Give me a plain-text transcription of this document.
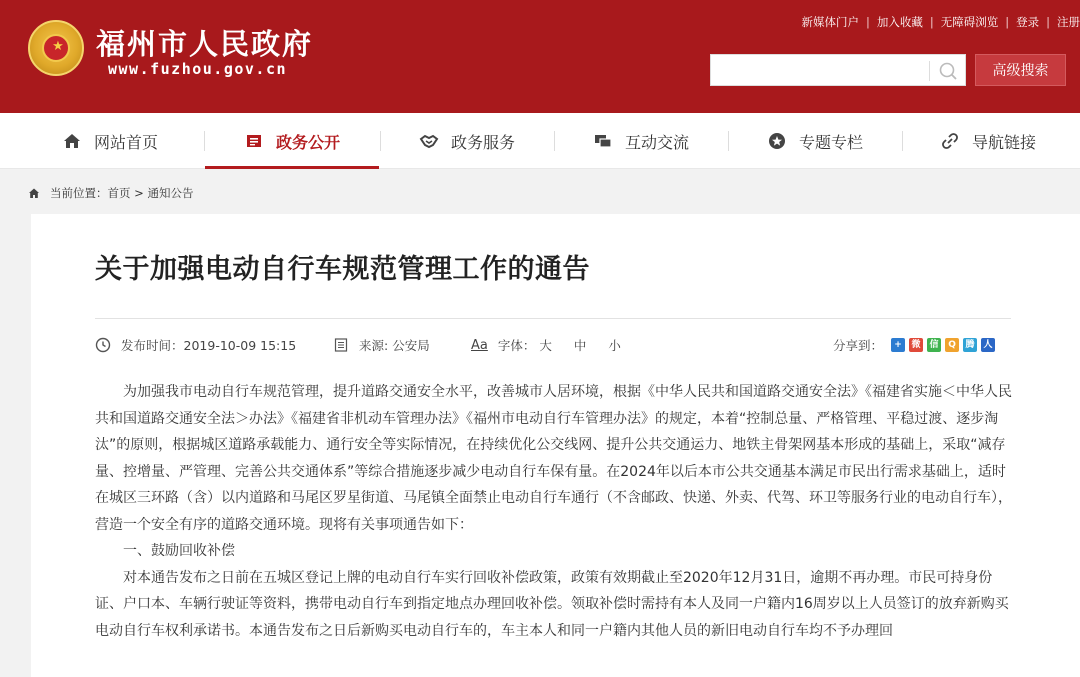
★ 福州市人民政府
www.fuzhou.gov.cn
新媒体门户 | 加入收藏 | 无障碍浏览 | 登录 | 注册
高级搜索
网站首页	政务公开	政务服务	互动交流	专题专栏	导航链接
当前位置： 首页 > 通知公告
关于加强电动自行车规范管理工作的通告
发布时间： 2019-10-09 15:15	来源: 公安局	Aa 字体： 大 中 小	分享到：	+	微 信	Q	腾 人

为加强我市电动自行车规范管理，提升道路交通安全水平，改善城市人居环境，根据《中华人民共和国道路交通安全法》《福建省实施＜中华人民共和国道路交通安全法＞办法》《福建省非机动车管理办法》《福州市电动自行车管理办法》的规定，本着“控制总量、严格管理、平稳过渡、逐步淘汰”的原则，根据城区道路承载能力、通行安全等实际情况，在持续优化公交线网、提升公共交通运力、地铁主骨架网基本形成的基础上，采取“减存量、控增量、严管理、完善公共交通体系”等综合措施逐步减少电动自行车保有量。在2024年以后本市公共交通基本满足市民出行需求基础上，适时在城区三环路（含）以内道路和马尾区罗星街道、马尾镇全面禁止电动自行车通行（不含邮政、快递、外卖、代驾、环卫等服务行业的电动自行车），营造一个安全有序的道路交通环境。现将有关事项通告如下：

一、鼓励回收补偿

对本通告发布之日前在五城区登记上牌的电动自行车实行回收补偿政策，政策有效期截止至2020年12月31日，逾期不再办理。市民可持身份证、户口本、车辆行驶证等资料，携带电动自行车到指定地点办理回收补偿。领取补偿时需持有本人及同一户籍内16周岁以上人员签订的放弃新购买电动自行车权利承诺书。本通告发布之日后新购买电动自行车的，车主本人和同一户籍内其他人员的新旧电动自行车均不予办理回
